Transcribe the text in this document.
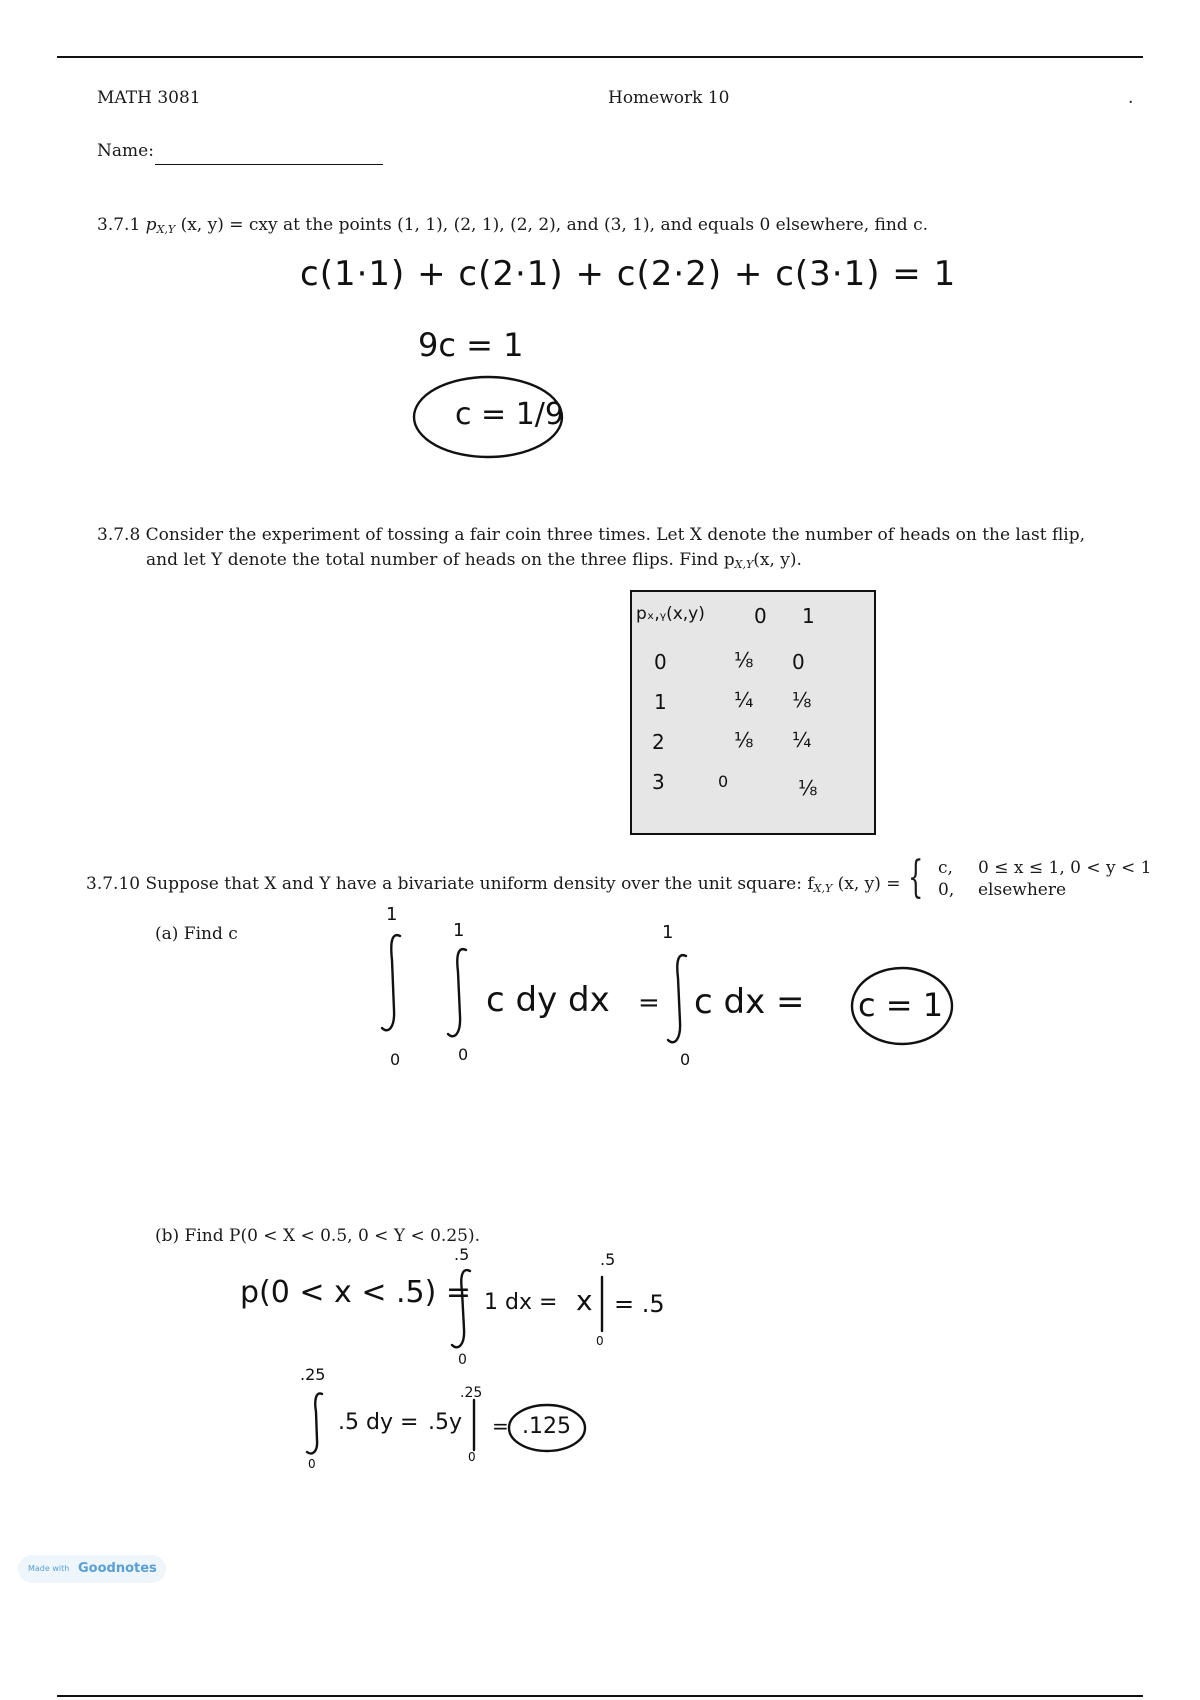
MATH 3081	Homework 10	.
Name:
3.7.1 $p_{X,Y}$ (x, y) = cxy at the points (1, 1), (2, 1), (2, 2), and (3, 1), and equals 0 elsewhere, find c.
c(1·1) + c(2·1) + c(2·2) + c(3·1) = 1
9c = 1
c = 1/9
3.7.8 Consider the experiment of tossing a fair coin three times. Let X denote the number of heads on the last flip,
and let Y denote the total number of heads on the three flips. Find $p_{X,Y}(x$, y).
pₓ,ᵧ(x,y) 0 1
0	⅛ 0
1	¼ ⅛
2	⅛ ¼
3	0	⅛
3.7.10 Suppose that X and Y have a bivariate uniform density over the unit square: $f_{X,Y}$ (x, y) = { c, 0 ≤ x ≤ 1, 0 < y < 1
0, elsewhere
(a) Find c
1
0
1
0
c dy dx =
1
0
c dx = c = 1
(b) Find P(0 < X < 0.5, 0 < Y < 0.25).
p(0 < x < .5) =
.5
0
1 dx = x
.5
0
= .5
.25
0
.5 dy = .5y
.25
0
= .125
Made with Goodnotes
